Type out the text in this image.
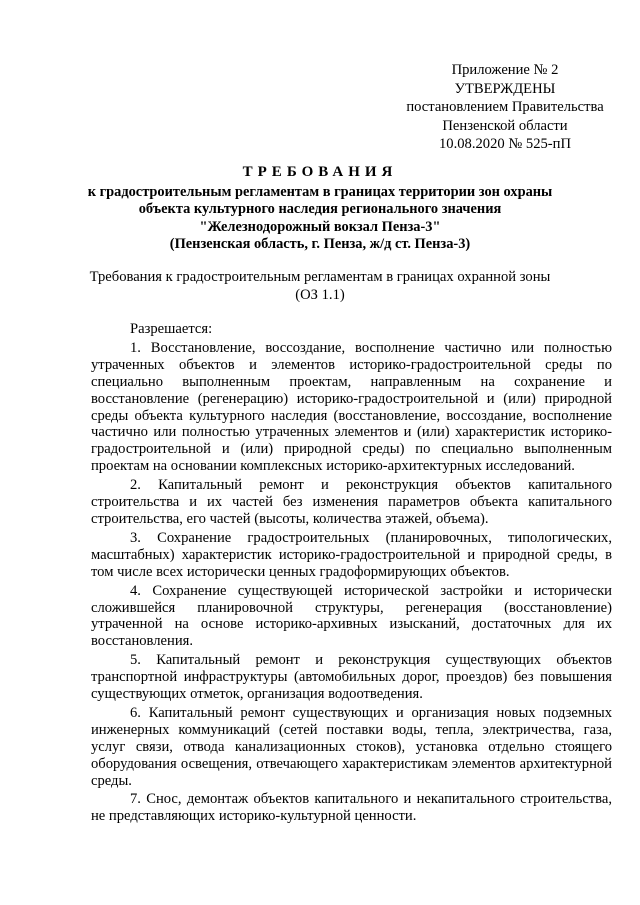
Приложение № 2
УТВЕРЖДЕНЫ
постановлением Правительства
Пензенской области
10.08.2020 № 525-пП
ТРЕБОВАНИЯ
к градостроительным регламентам в границах территории зон охраны
объекта культурного наследия регионального значения
"Железнодорожный вокзал Пенза-3"
(Пензенская область, г. Пенза, ж/д ст. Пенза-3)
Требования к градостроительным регламентам в границах охранной зоны
(ОЗ 1.1)

Разрешается:

1. Восстановление, воссоздание, восполнение частично или полностью утраченных объектов и элементов историко-градостроительной среды по специально выполненным проектам, направленным на сохранение и восстановление (регенерацию) историко-градостроительной и (или) природной среды объекта культурного наследия (восстановление, воссоздание, восполнение частично или полностью утраченных элементов и (или) характеристик историко-градостроительной и (или) природной среды) по специально выполненным проектам на основании комплексных историко-архитектурных исследований.

2. Капитальный ремонт и реконструкция объектов капитального строительства и их частей без изменения параметров объекта капитального строительства, его частей (высоты, количества этажей, объема).

3. Сохранение градостроительных (планировочных, типологических, масштабных) характеристик историко-градостроительной и природной среды, в том числе всех исторически ценных градоформирующих объектов.

4. Сохранение существующей исторической застройки и исторически сложившейся планировочной структуры, регенерация (восстановление) утраченной на основе историко-архивных изысканий, достаточных для их восстановления.

5. Капитальный ремонт и реконструкция существующих объектов транспортной инфраструктуры (автомобильных дорог, проездов) без повышения существующих отметок, организация водоотведения.

6. Капитальный ремонт существующих и организация новых подземных инженерных коммуникаций (сетей поставки воды, тепла, электричества, газа, услуг связи, отвода канализационных стоков), установка отдельно стоящего оборудования освещения, отвечающего характеристикам элементов архитектурной среды.

7. Снос, демонтаж объектов капитального и некапитального строительства, не представляющих историко-культурной ценности.
